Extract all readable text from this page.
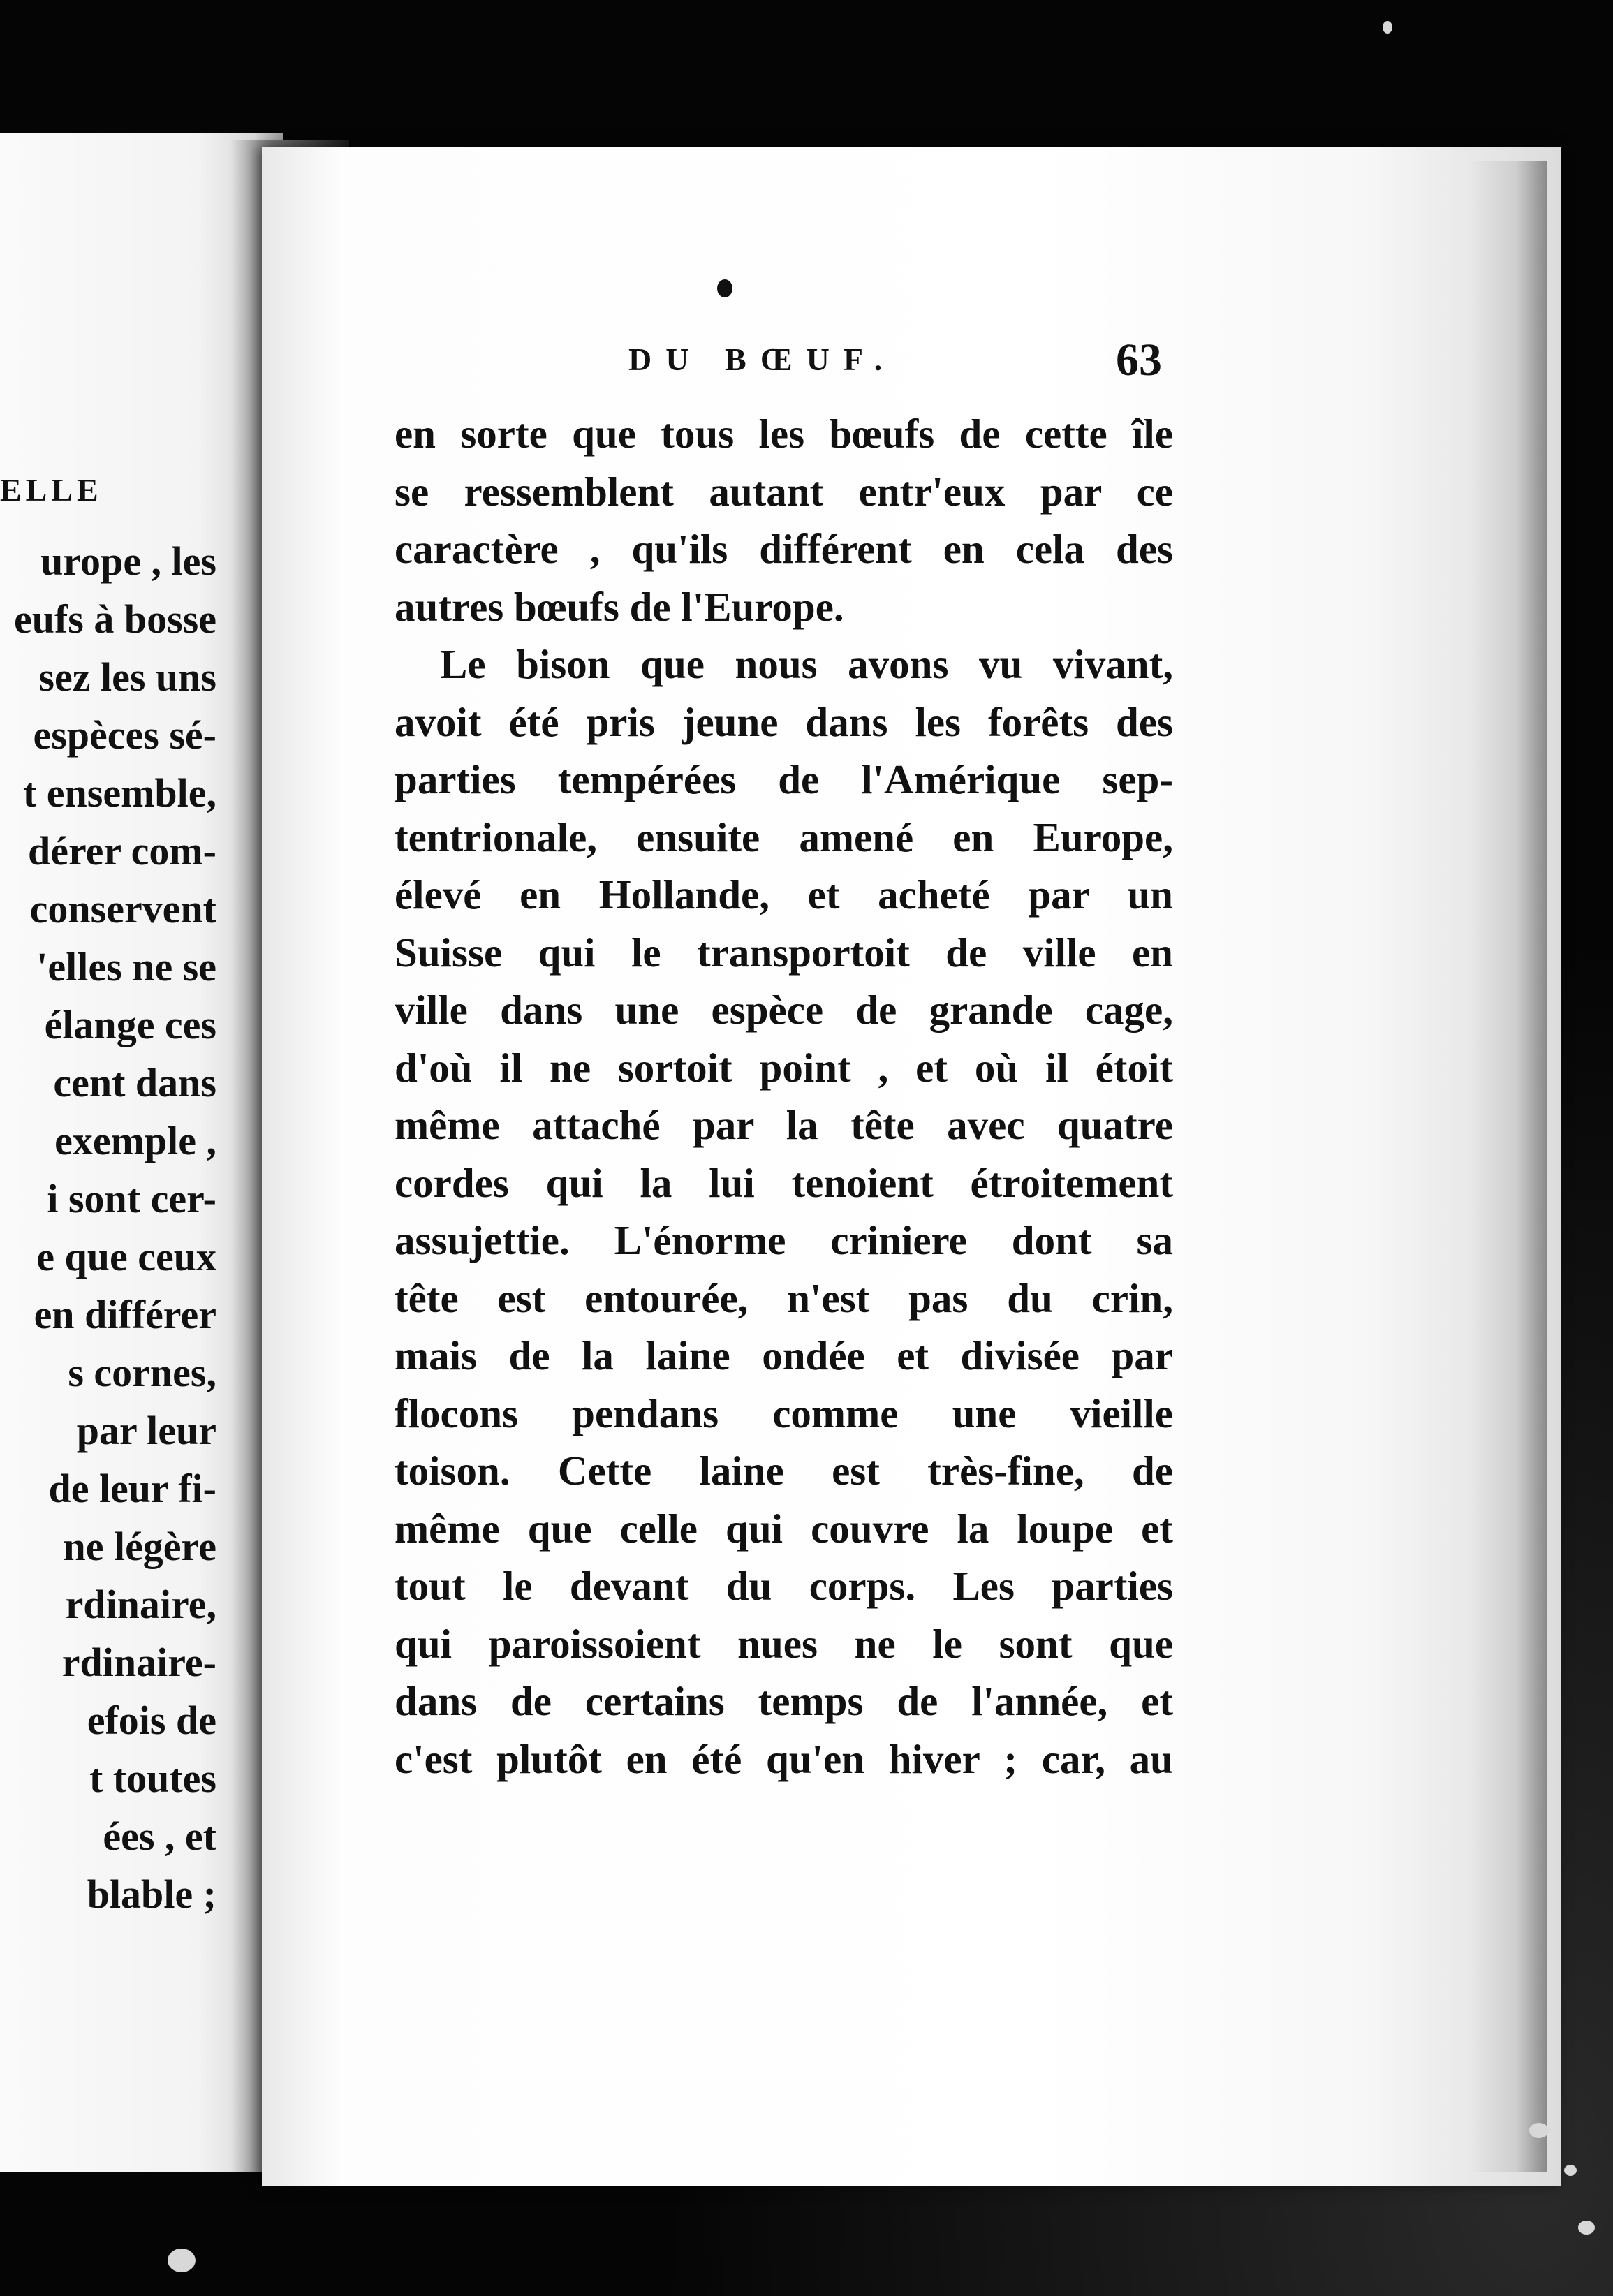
ELLE
urope , les
eufs à bosse
sez les uns
espèces sé-
t ensemble,
dérer com-
conservent
'elles ne se
élange ces
cent dans
exemple ,
i sont cer-
e que ceux
en différer
s cornes,
par leur
de leur fi-
ne légère
rdinaire,
rdinaire-
efois de
t toutes
ées , et
blable ;
DU BŒUF.	63
en sorte que tous les bœufs de cette île
se ressemblent autant entr'eux par ce
caractère , qu'ils différent en cela des
autres bœufs de l'Europe.
Le bison que nous avons vu vivant,
avoit été pris jeune dans les forêts des
parties tempérées de l'Amérique sep-
tentrionale, ensuite amené en Europe,
élevé en Hollande, et acheté par un
Suisse qui le transportoit de ville en
ville dans une espèce de grande cage,
d'où il ne sortoit point , et où il étoit
même attaché par la tête avec quatre
cordes qui la lui tenoient étroitement
assujettie. L'énorme criniere dont sa
tête est entourée, n'est pas du crin,
mais de la laine ondée et divisée par
flocons pendans comme une vieille
toison. Cette laine est très-fine, de
même que celle qui couvre la loupe et
tout le devant du corps. Les parties
qui paroissoient nues ne le sont que
dans de certains temps de l'année, et
c'est plutôt en été qu'en hiver ; car, au
